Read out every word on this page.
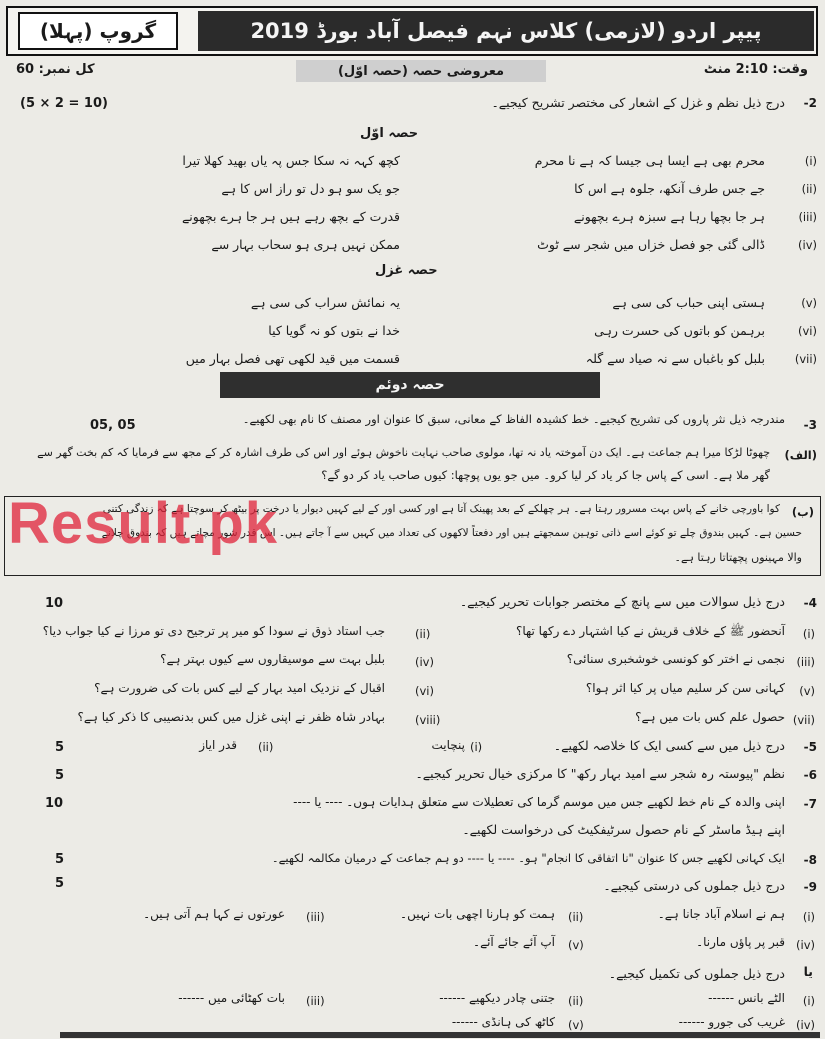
گروپ (پہلا)	پیپر اردو (لازمی) کلاس نہم فیصل آباد بورڈ 2019
کل نمبر: 60	معروضی حصہ (حصہ اوّل)	وقت: 2:10 منٹ
-2
درج ذیل نظم و غزل کے اشعار کی مختصر تشریح کیجیے۔
(5 × 2 = 10)
حصہ اوّل
(i)
محرم بھی ہے ایسا ہی جیسا کہ ہے نا محرم
کچھ کہہ نہ سکا جس پہ یاں بھید کھلا تیرا
(ii)
جے جس طرف آنکھ، جلوہ ہے اس کا
جو یک سو ہو دل تو راز اس کا ہے
(iii)
ہر جا بچھا رہا ہے سبزہ ہرے بچھونے
قدرت کے بچھ رہے ہیں ہر جا ہرے بچھونے
(iv)
ڈالی گئی جو فصل خزاں میں شجر سے ٹوٹ
ممکن نہیں ہری ہو سحاب بہار سے
حصہ غزل
(v)
ہستی اپنی حباب کی سی ہے
یہ نمائش سراب کی سی ہے
(vi)
برہمن کو باتوں کی حسرت رہی
خدا نے بتوں کو نہ گویا کیا
(vii)
بلبل کو باغباں سے نہ صیاد سے گلہ
قسمت میں قید لکھی تھی فصل بہار میں
حصہ دوئم
-3
مندرجہ ذیل نثر پاروں کی تشریح کیجیے۔ خط کشیدہ الفاظ کے معانی، سبق کا عنوان اور مصنف کا نام بھی لکھیے۔
05, 05
(الف)
چھوٹا لڑکا میرا ہم جماعت ہے۔ ایک دن آموختہ یاد نہ تھا، مولوی صاحب نہایت ناخوش ہوئے اور اس کی طرف اشارہ کر کے مجھ سے فرمایا کہ کم بخت گھر سے
گھر ملا ہے۔ اسی کے پاس جا کر یاد کر لیا کرو۔ میں جو یوں پوچھا: کیوں صاحب یاد کر دو گے؟
(ب)
کوا باورچی خانے کے پاس بہت مسرور رہتا ہے۔ ہر چھلکے کے بعد پھینک آتا ہے اور کسی اور کے لیے کہیں دیوار یا درخت پر بیٹھ کر سوچتا ہے کہ زندگی کتنی
حسین ہے۔ کہیں بندوق چلے تو کوئے اسے ذاتی توہین سمجھتے ہیں اور دفعتاً لاکھوں کی تعداد میں کہیں سے آ جاتے ہیں۔ اس قدر شور مچاتے ہیں کہ بندوق چلانے
والا مہینوں پچھتاتا رہتا ہے۔
Result.pk
-4
درج ذیل سوالات میں سے پانچ کے مختصر جوابات تحریر کیجیے۔
10
(i)
آنحضور ﷺ کے خلاف قریش نے کیا اشتہار دے رکھا تھا؟
(ii)
جب استاد ذوق نے سودا کو میر پر ترجیح دی تو مرزا نے کیا جواب دیا؟
(iii)
نجمی نے اختر کو کونسی خوشخبری سنائی؟
(iv)
بلبل بہت سے موسیقاروں سے کیوں بہتر ہے؟
(v)
کہانی سن کر سلیم میاں پر کیا اثر ہوا؟
(vi)
اقبال کے نزدیک امید بہار کے لیے کس بات کی ضرورت ہے؟
(vii)
حصول علم کس بات میں ہے؟
(viii)
بہادر شاہ ظفر نے اپنی غزل میں کس بدنصیبی کا ذکر کیا ہے؟
-5
درج ذیل میں سے کسی ایک کا خلاصہ لکھیے۔
(i)
پنچایت
(ii)
قدر ایاز
5
-6
نظم "پیوستہ رہ شجر سے امید بہار رکھ" کا مرکزی خیال تحریر کیجیے۔
5
-7
اپنی والدہ کے نام خط لکھیے جس میں موسم گرما کی تعطیلات سے متعلق ہدایات ہوں۔ ---- یا ----
اپنے ہیڈ ماسٹر کے نام حصول سرٹیفکیٹ کی درخواست لکھیے۔
10
-8
ایک کہانی لکھیے جس کا عنوان "نا اتفاقی کا انجام" ہو۔ ---- یا ---- دو ہم جماعت کے درمیان مکالمہ لکھیے۔
5
-9
درج ذیل جملوں کی درستی کیجیے۔
5
(i)
ہم نے اسلام آباد جانا ہے۔
(ii)
ہمت کو ہارنا اچھی بات نہیں۔
(iii)
عورتوں نے کہا ہم آتی ہیں۔
(iv)
قبر پر پاؤں مارنا۔
(v)
آپ آئے جائے آئے۔
یا
درج ذیل جملوں کی تکمیل کیجیے۔
(i)
الٹے بانس ------
(ii)
جتنی چادر دیکھیے ------
(iii)
بات کھٹائی میں ------
(iv)
غریب کی جورو ------
(v)
کاٹھ کی ہانڈی ------
